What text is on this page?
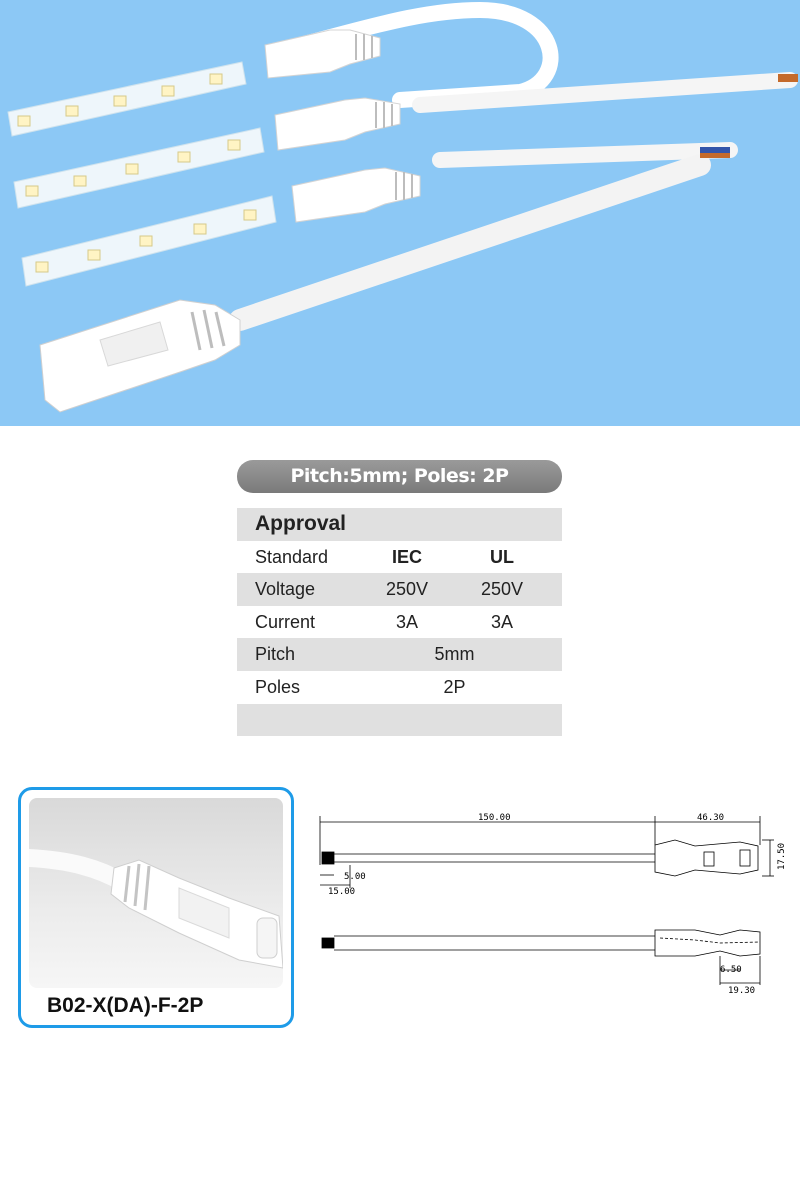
Pitch:5mm; Poles: 2P
Approval
Standard	IEC	UL
Voltage	250V	250V
Current	3A	3A
Pitch	5mm
Poles	2P
B02-X(DA)-F-2P
150.00	46.30
17.50
5.00
15.00
6.50
19.30
